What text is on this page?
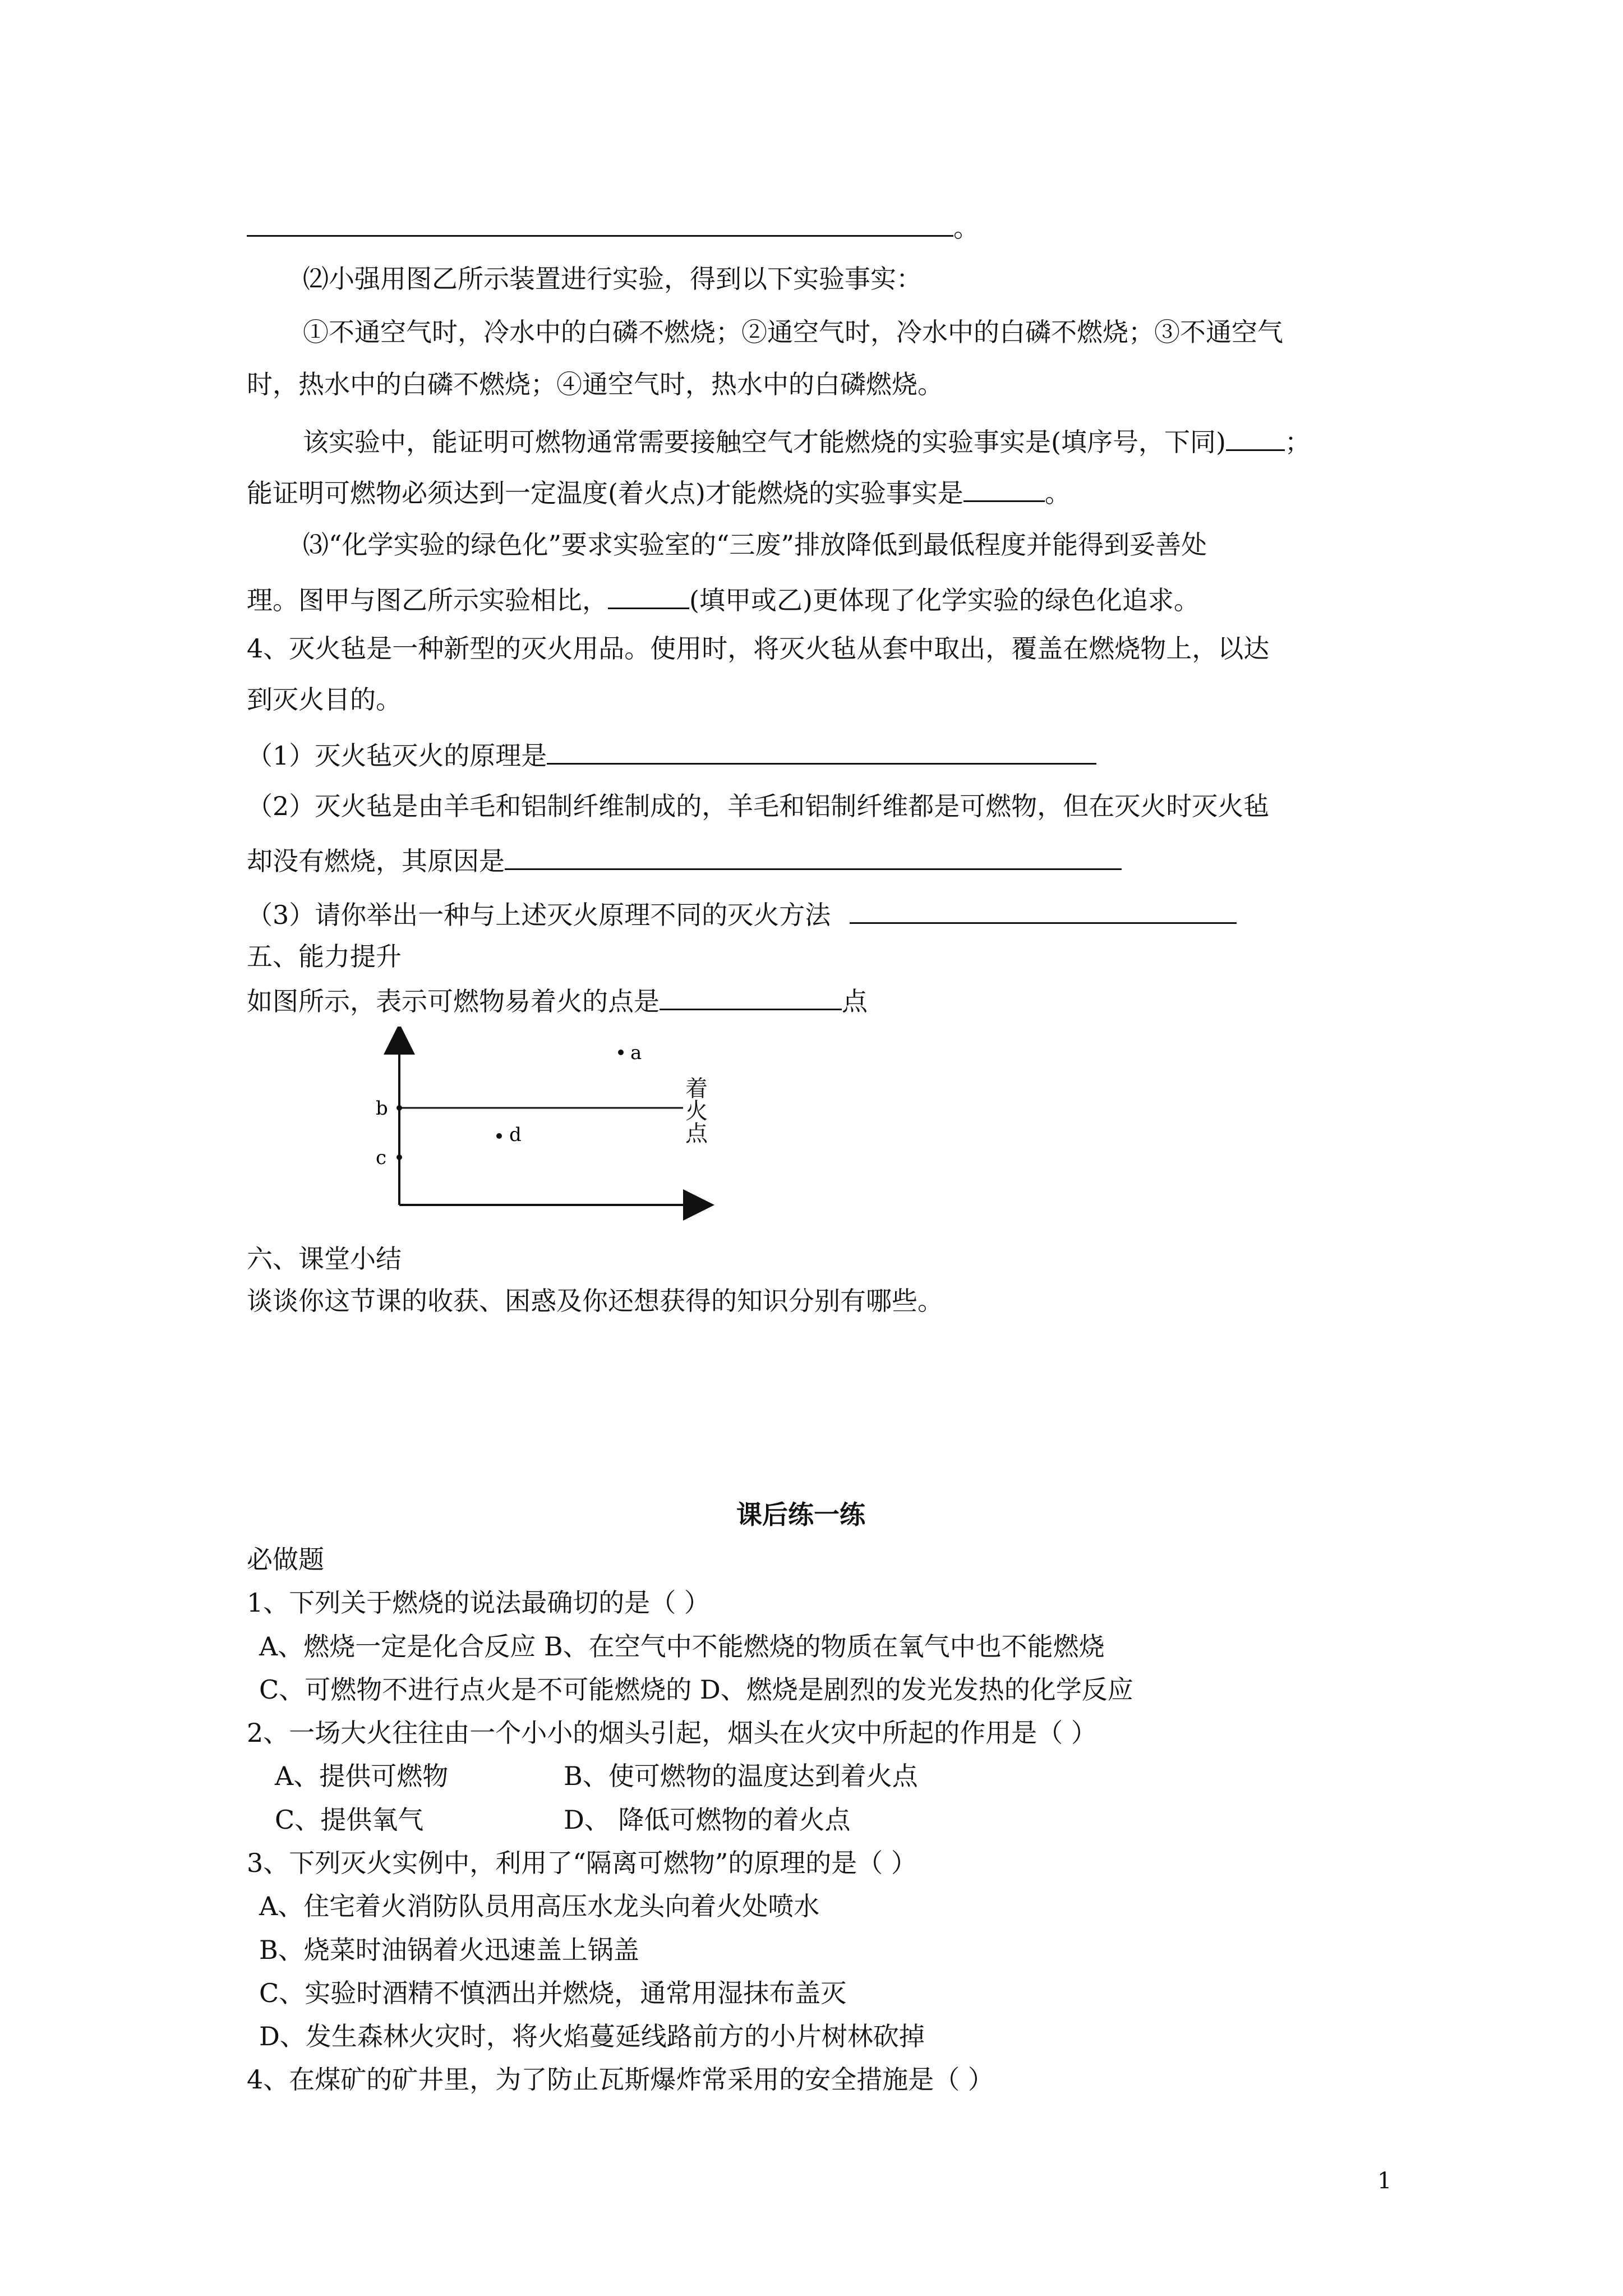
。
⑵小强用图乙所示装置进行实验，得到以下实验事实：
①不通空气时，冷水中的白磷不燃烧；②通空气时，冷水中的白磷不燃烧；③不通空气
时，热水中的白磷不燃烧；④通空气时，热水中的白磷燃烧。
该实验中，能证明可燃物通常需要接触空气才能燃烧的实验事实是(填序号，下同) ；
能证明可燃物必须达到一定温度(着火点)才能燃烧的实验事实是	。
⑶“化学实验的绿色化”要求实验室的“三废”排放降低到最低程度并能得到妥善处
理。图甲与图乙所示实验相比，	(填甲或乙)更体现了化学实验的绿色化追求。
4、灭火毡是一种新型的灭火用品。使用时，将灭火毡从套中取出，覆盖在燃烧物上，以达
到灭火目的。
（1）灭火毡灭火的原理是
（2）灭火毡是由羊毛和铝制纤维制成的，羊毛和铝制纤维都是可燃物，但在灭火时灭火毡
却没有燃烧，其原因是
（3）请你举出一种与上述灭火原理不同的灭火方法
五、能力提升
如图所示，表示可燃物易着火的点是	点
a
b
c
d
着 火 点
六、课堂小结
谈谈你这节课的收获、困惑及你还想获得的知识分别有哪些。
课后练一练
必做题
1、下列关于燃烧的说法最确切的是（ ）
A、燃烧一定是化合反应 B、在空气中不能燃烧的物质在氧气中也不能燃烧
C、可燃物不进行点火是不可能燃烧的 D、燃烧是剧烈的发光发热的化学反应
2、一场大火往往由一个小小的烟头引起，烟头在火灾中所起的作用是（ ）
A、提供可燃物	B、使可燃物的温度达到着火点
C、提供氧气	D、 降低可燃物的着火点
3、下列灭火实例中，利用了“隔离可燃物”的原理的是（ ）
A、住宅着火消防队员用高压水龙头向着火处喷水
B、烧菜时油锅着火迅速盖上锅盖
C、实验时酒精不慎洒出并燃烧，通常用湿抹布盖灭
D、发生森林火灾时，将火焰蔓延线路前方的小片树林砍掉
4、在煤矿的矿井里，为了防止瓦斯爆炸常采用的安全措施是（ ）
1
